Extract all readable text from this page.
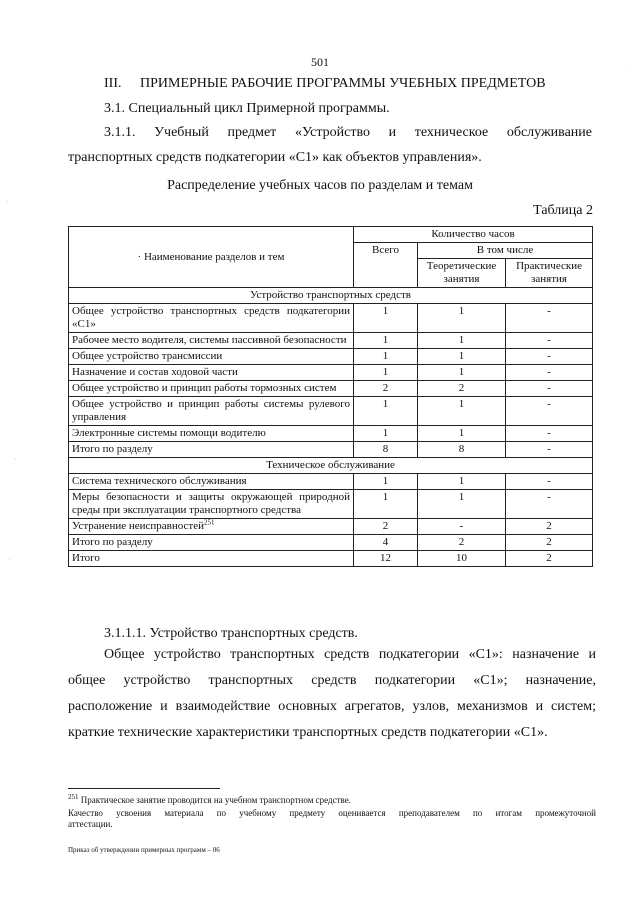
501
III. ПРИМЕРНЫЕ РАБОЧИЕ ПРОГРАММЫ УЧЕБНЫХ ПРЕДМЕТОВ
3.1. Специальный цикл Примерной программы.
3.1.1. Учебный предмет «Устройство и техническое обслуживание
транспортных средств подкатегории «С1» как объектов управления».
Распределение учебных часов по разделам и темам
Таблица 2
· Наименование разделов и тем	Количество часов		
	Всего	В том числе	
		Теоретические занятия	Практические занятия
Устройство транспортных средств			
Общее устройство транспортных средств подкатегории «С1»	1	1	-
Рабочее место водителя, системы пассивной безопасности	1	1	-
Общее устройство трансмиссии	1	1	-
Назначение и состав ходовой части	1	1	-
Общее устройство и принцип работы тормозных систем	2	2	-
Общее устройство и принцип работы системы рулевого управления	1	1	-
Электронные системы помощи водителю	1	1	-
Итого по разделу	8	8	-
Техническое обслуживание			
Система технического обслуживания	1	1	-
Меры безопасности и защиты окружающей природной среды при эксплуатации транспортного средства	1	1	-
Устранение неисправностей$^{251}$	2	-	2
Итого по разделу	4	2	2
Итого	12	10	2
3.1.1.1. Устройство транспортных средств.
Общее устройство транспортных средств подкатегории «С1»: назначение и
общее устройство транспортных средств подкатегории «С1»; назначение,
расположение и взаимодействие основных агрегатов, узлов, механизмов и систем;
краткие технические характеристики транспортных средств подкатегории «С1».
$^{251}$ Практическое занятие проводится на учебном транспортном средстве.
Качество усвоения материала по учебному предмету оценивается преподавателем по итогам промежуточной
аттестации.
Приказ об утверждении примерных программ – 06
·
·
·
·
